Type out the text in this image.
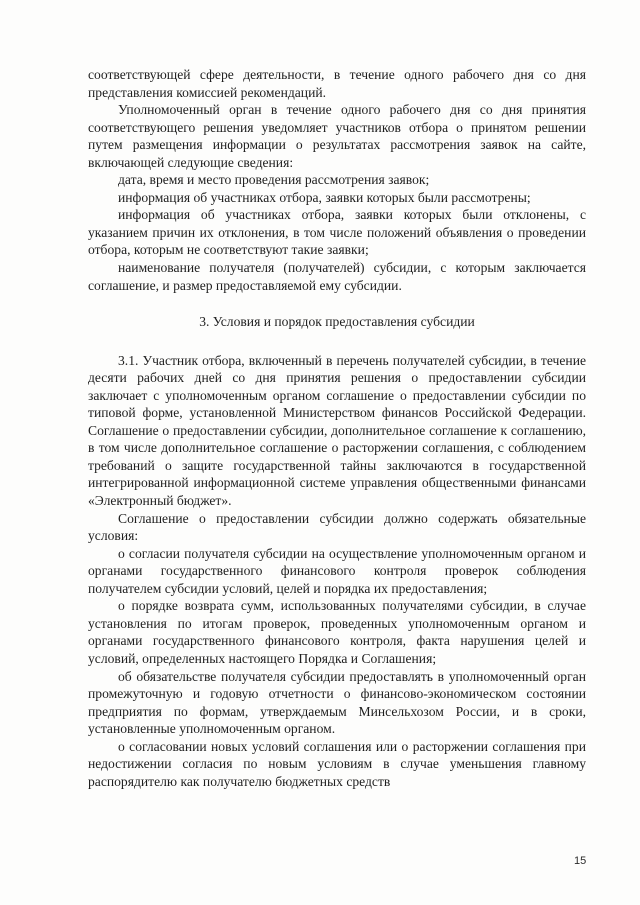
соответствующей сфере деятельности, в течение одного рабочего дня со дня представления комиссией рекомендаций.

Уполномоченный орган в течение одного рабочего дня со дня принятия соответствующего решения уведомляет участников отбора о принятом решении путем размещения информации о результатах рассмотрения заявок на сайте, включающей следующие сведения:

дата, время и место проведения рассмотрения заявок;

информация об участниках отбора, заявки которых были рассмотрены;

информация об участниках отбора, заявки которых были отклонены, с указанием причин их отклонения, в том числе положений объявления о проведении отбора, которым не соответствуют такие заявки;

наименование получателя (получателей) субсидии, с которым заключается соглашение, и размер предоставляемой ему субсидии.

3. Условия и порядок предоставления субсидии

3.1. Участник отбора, включенный в перечень получателей субсидии, в течение десяти рабочих дней со дня принятия решения о предоставлении субсидии заключает с уполномоченным органом соглашение о предоставлении субсидии по типовой форме, установленной Министерством финансов Российской Федерации. Соглашение о предоставлении субсидии, дополнительное соглашение к соглашению, в том числе дополнительное соглашение о расторжении соглашения, с соблюдением требований о защите государственной тайны заключаются в государственной интегрированной информационной системе управления общественными финансами «Электронный бюджет».

Соглашение о предоставлении субсидии должно содержать обязательные условия:

о согласии получателя субсидии на осуществление уполномоченным органом и органами государственного финансового контроля проверок соблюдения получателем субсидии условий, целей и порядка их предоставления;

о порядке возврата сумм, использованных получателями субсидии, в случае установления по итогам проверок, проведенных уполномоченным органом и органами государственного финансового контроля, факта нарушения целей и условий, определенных настоящего Порядка и Соглашения;

об обязательстве получателя субсидии предоставлять в уполномоченный орган промежуточную и годовую отчетности о финансово-экономическом состоянии предприятия по формам, утверждаемым Минсельхозом России, и в сроки, установленные уполномоченным органом.

о согласовании новых условий соглашения или о расторжении соглашения при недостижении согласия по новым условиям в случае уменьшения главному распорядителю как получателю бюджетных средств

15
